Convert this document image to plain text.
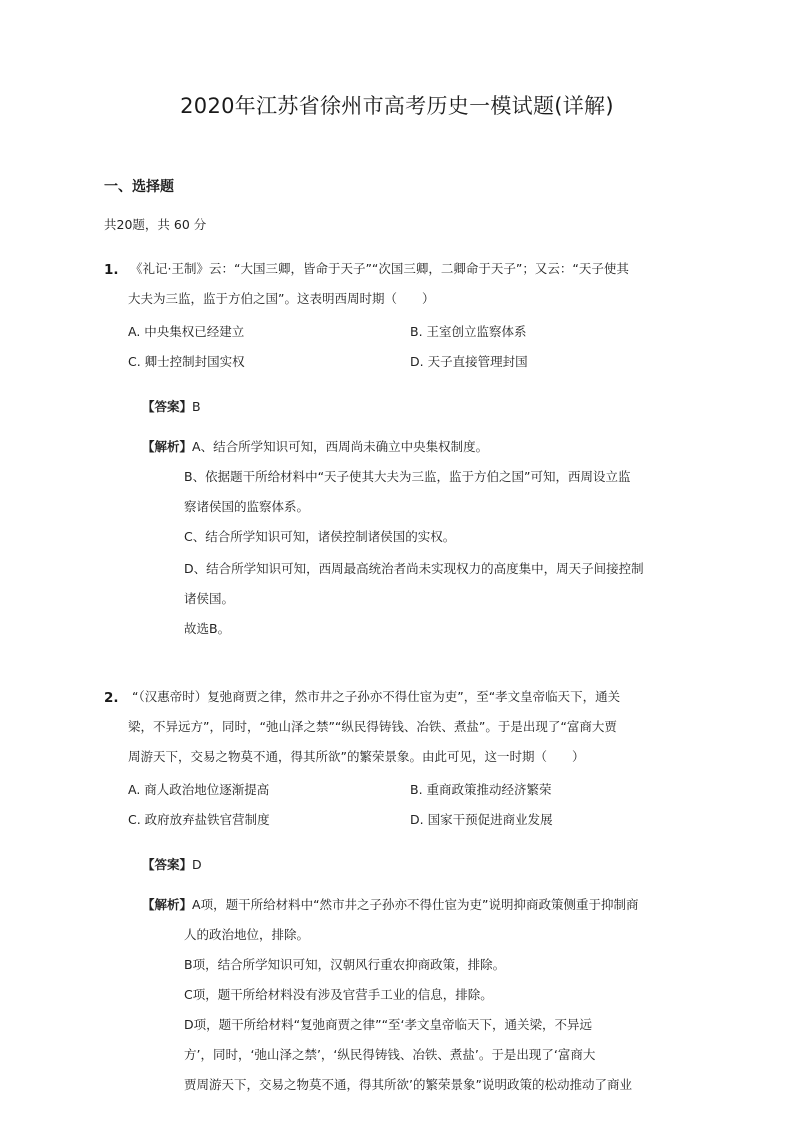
2020年江苏省徐州市高考历史一模试题(详解)
一、选择题
共20题，共 60 分
1. 《礼记·王制》云：“大国三卿，皆命于天子”“次国三卿，二卿命于天子”；又云：“天子使其
大夫为三监，监于方伯之国”。这表明西周时期（　　）
A. 中央集权已经建立	B. 王室创立监察体系
C. 卿士控制封国实权	D. 天子直接管理封国
【答案】B
【解析】A、结合所学知识可知，西周尚未确立中央集权制度。
B、依据题干所给材料中“天子使其大夫为三监，监于方伯之国”可知，西周设立监
察诸侯国的监察体系。
C、结合所学知识可知，诸侯控制诸侯国的实权。
D、结合所学知识可知，西周最高统治者尚未实现权力的高度集中，周天子间接控制
诸侯国。
故选B。
2. “（汉惠帝时）复弛商贾之律，然市井之子孙亦不得仕宦为吏”，至“孝文皇帝临天下，通关
梁，不异远方”，同时，“弛山泽之禁”“纵民得铸钱、冶铁、煮盐”。于是出现了“富商大贾
周游天下，交易之物莫不通，得其所欲”的繁荣景象。由此可见，这一时期（　　）
A. 商人政治地位逐渐提高	B. 重商政策推动经济繁荣
C. 政府放弃盐铁官营制度	D. 国家干预促进商业发展
【答案】D
【解析】A项，题干所给材料中“然市井之子孙亦不得仕宦为吏”说明抑商政策侧重于抑制商
人的政治地位，排除。
B项，结合所学知识可知，汉朝风行重农抑商政策，排除。
C项，题干所给材料没有涉及官营手工业的信息，排除。
D项，题干所给材料“复弛商贾之律”“至‘孝文皇帝临天下，通关梁，不异远
方’，同时，‘弛山泽之禁’，‘纵民得铸钱、冶铁、煮盐’。于是出现了‘富商大
贾周游天下，交易之物莫不通，得其所欲’的繁荣景象”说明政策的松动推动了商业
